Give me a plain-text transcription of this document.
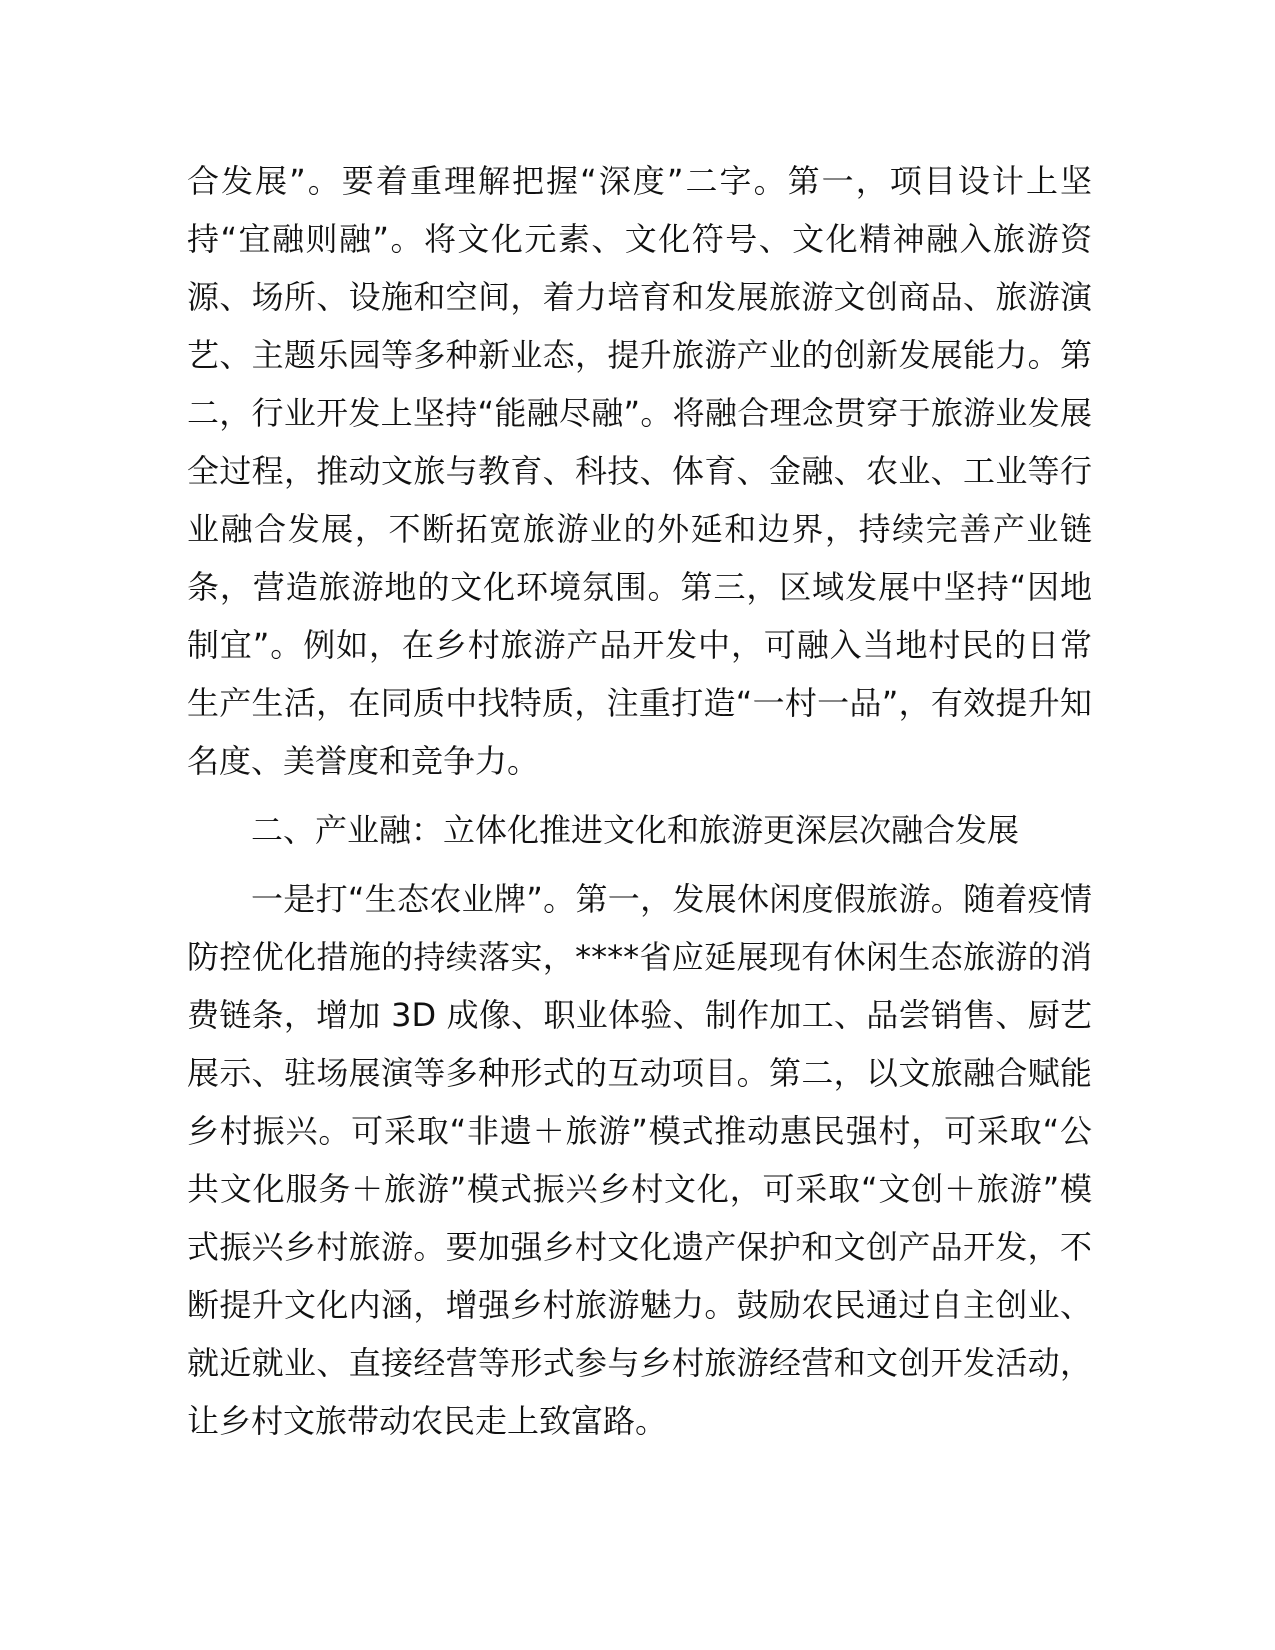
合发展”。要着重理解把握“深度”二字。第一，项目设计上坚持“宜融则融”。将文化元素、文化符号、文化精神融入旅游资源、场所、设施和空间，着力培育和发展旅游文创商品、旅游演艺、主题乐园等多种新业态，提升旅游产业的创新发展能力。第二，行业开发上坚持“能融尽融”。将融合理念贯穿于旅游业发展全过程，推动文旅与教育、科技、体育、金融、农业、工业等行业融合发展，不断拓宽旅游业的外延和边界，持续完善产业链条，营造旅游地的文化环境氛围。第三，区域发展中坚持“因地制宜”。例如，在乡村旅游产品开发中，可融入当地村民的日常生产生活，在同质中找特质，注重打造“一村一品”，有效提升知名度、美誉度和竞争力。

二、产业融：立体化推进文化和旅游更深层次融合发展

一是打“生态农业牌”。第一，发展休闲度假旅游。随着疫情防控优化措施的持续落实，****省应延展现有休闲生态旅游的消费链条，增加 3D 成像、职业体验、制作加工、品尝销售、厨艺展示、驻场展演等多种形式的互动项目。第二，以文旅融合赋能乡村振兴。可采取“非遗＋旅游”模式推动惠民强村，可采取“公共文化服务＋旅游”模式振兴乡村文化，可采取“文创＋旅游”模式振兴乡村旅游。要加强乡村文化遗产保护和文创产品开发，不断提升文化内涵，增强乡村旅游魅力。鼓励农民通过自主创业、就近就业、直接经营等形式参与乡村旅游经营和文创开发活动，让乡村文旅带动农民走上致富路。
